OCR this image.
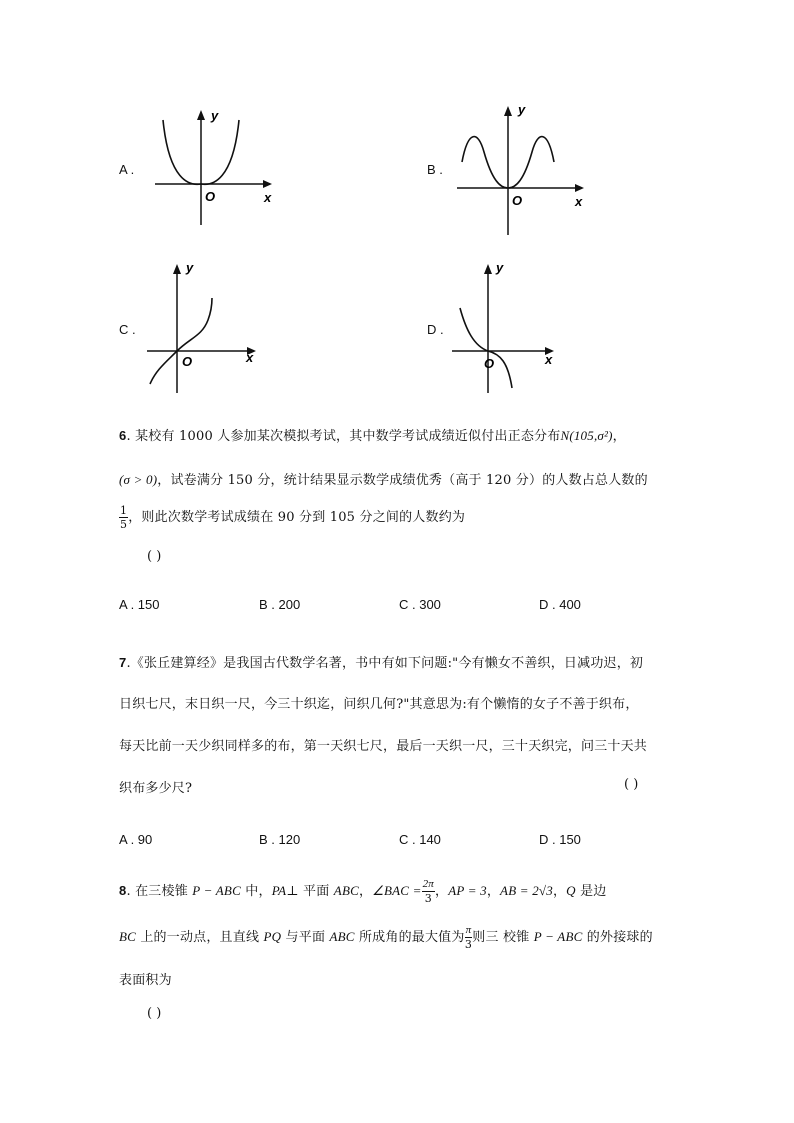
A .
y
x
O
B .
y
x
O
C .
y
x
O
D .
y
x
O
6. 某校有 1000 人参加某次模拟考试，其中数学考试成绩近似付出正态分布N(105,σ²)，
(σ > 0)，试卷满分 150 分，统计结果显示数学成绩优秀（高于 120 分）的人数占总人数的
$\frac{1}{5}$ ，则此次数学考试成绩在 90 分到 105 分之间的人数约为
( )
A . 150	B . 200	C . 300	D . 400
7.《张丘建算经》是我国古代数学名著，书中有如下问题:"今有懒女不善织，日减功迟，初
日织七尺，末日织一尺，今三十织迄，问织几何?"其意思为:有个懒惰的女子不善于织布，
每天比前一天少织同样多的布，第一天织七尺，最后一天织一尺，三十天织完，问三十天共
织布多少尺?	( )
A . 90	B . 120	C . 140	D . 150
8. 在三棱锥 P − ABC 中，PA⊥ 平面 ABC，∠BAC = $\frac{2\pi}{3}$ ，AP = 3，AB = 2√3，Q 是边
BC 上的一动点，且直线 PQ 与平面 ABC 所成角的最大值为 $\frac{\pi}{3}$ 则三 校锥 P − ABC 的外接球的
表面积为
( )
